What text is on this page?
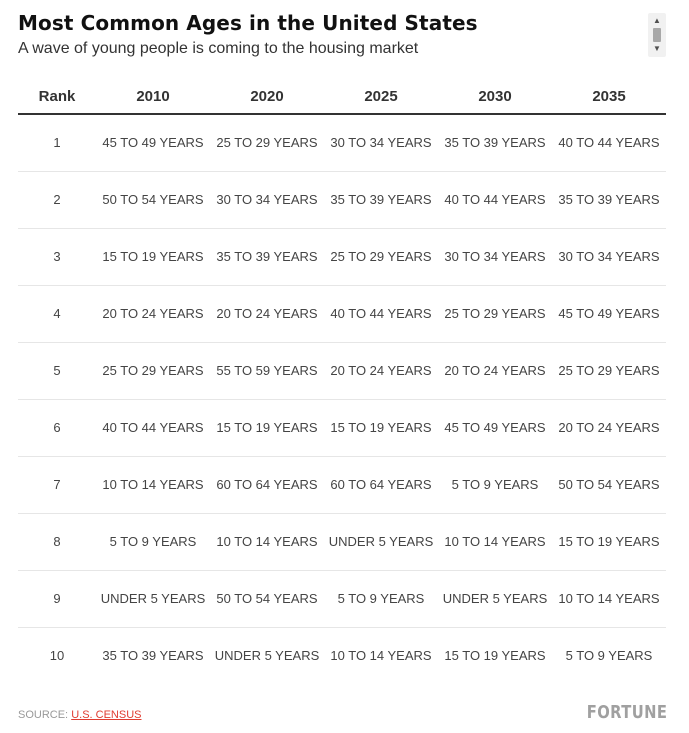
Most Common Ages in the United States
A wave of young people is coming to the housing market
▲
▼
Rank	2010	2020	2025	2030	2035
1	45 TO 49 YEARS	25 TO 29 YEARS	30 TO 34 YEARS	35 TO 39 YEARS	40 TO 44 YEARS
2	50 TO 54 YEARS	30 TO 34 YEARS	35 TO 39 YEARS	40 TO 44 YEARS	35 TO 39 YEARS
3	15 TO 19 YEARS	35 TO 39 YEARS	25 TO 29 YEARS	30 TO 34 YEARS	30 TO 34 YEARS
4	20 TO 24 YEARS	20 TO 24 YEARS	40 TO 44 YEARS	25 TO 29 YEARS	45 TO 49 YEARS
5	25 TO 29 YEARS	55 TO 59 YEARS	20 TO 24 YEARS	20 TO 24 YEARS	25 TO 29 YEARS
6	40 TO 44 YEARS	15 TO 19 YEARS	15 TO 19 YEARS	45 TO 49 YEARS	20 TO 24 YEARS
7	10 TO 14 YEARS	60 TO 64 YEARS	60 TO 64 YEARS	5 TO 9 YEARS	50 TO 54 YEARS
8	5 TO 9 YEARS	10 TO 14 YEARS	UNDER 5 YEARS	10 TO 14 YEARS	15 TO 19 YEARS
9	UNDER 5 YEARS	50 TO 54 YEARS	5 TO 9 YEARS	UNDER 5 YEARS	10 TO 14 YEARS
10	35 TO 39 YEARS	UNDER 5 YEARS	10 TO 14 YEARS	15 TO 19 YEARS	5 TO 9 YEARS
SOURCE: U.S. CENSUS	FORTUNE
